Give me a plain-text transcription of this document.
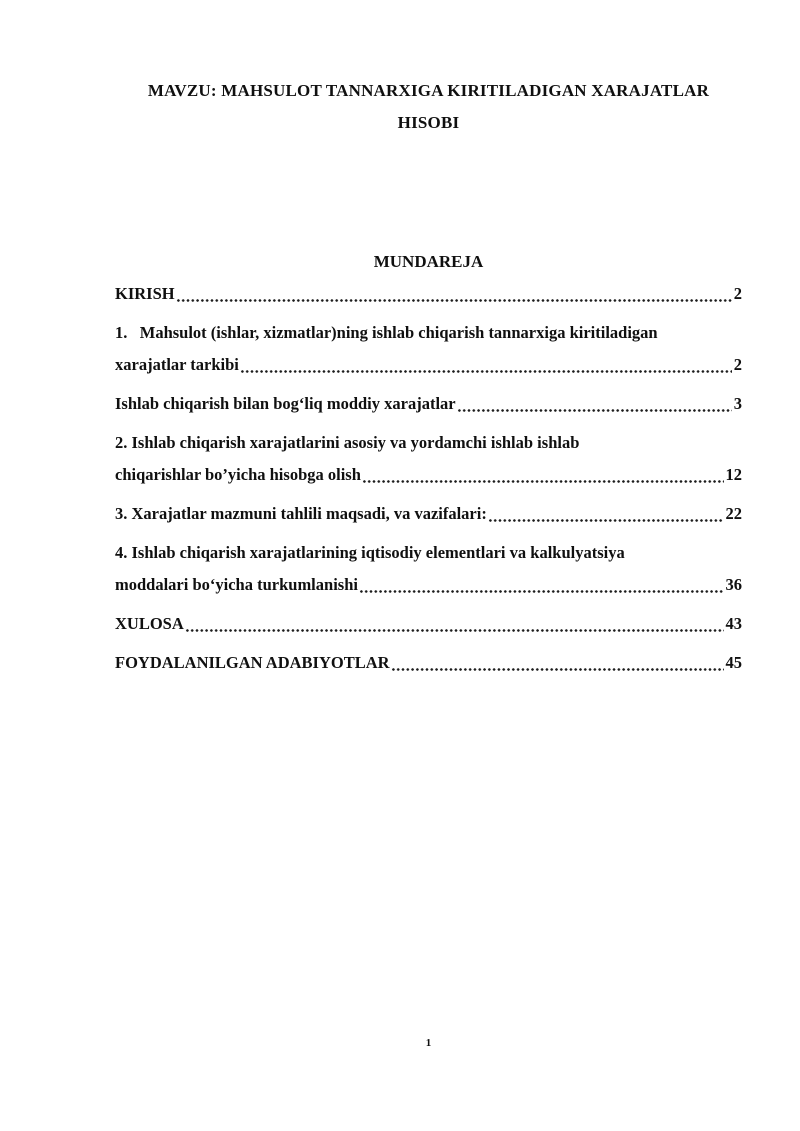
MAVZU: MAHSULOT TANNARXIGA KIRITILADIGAN XARAJATLAR
HISOBI
MUNDAREJA
KIRISH	2
1.   Mahsulot (ishlar, xizmatlar)ning ishlab chiqarish tannarxiga kiritiladigan
xarajatlar tarkibi	2
Ishlab chiqarish bilan bog‘liq moddiy xarajatlar	3
2. Ishlab chiqarish xarajatlarini asosiy va yordamchi ishlab ishlab
chiqarishlar bo’yicha hisobga olish	12
3. Xarajatlar mazmuni tahlili maqsadi, va vazifalari:	22
4. Ishlab chiqarish xarajatlarining iqtisodiy elementlari va kalkulyatsiya
moddalari bo‘yicha turkumlanishi	36
XULOSA	43
FOYDALANILGAN ADABIYOTLAR	45
1
